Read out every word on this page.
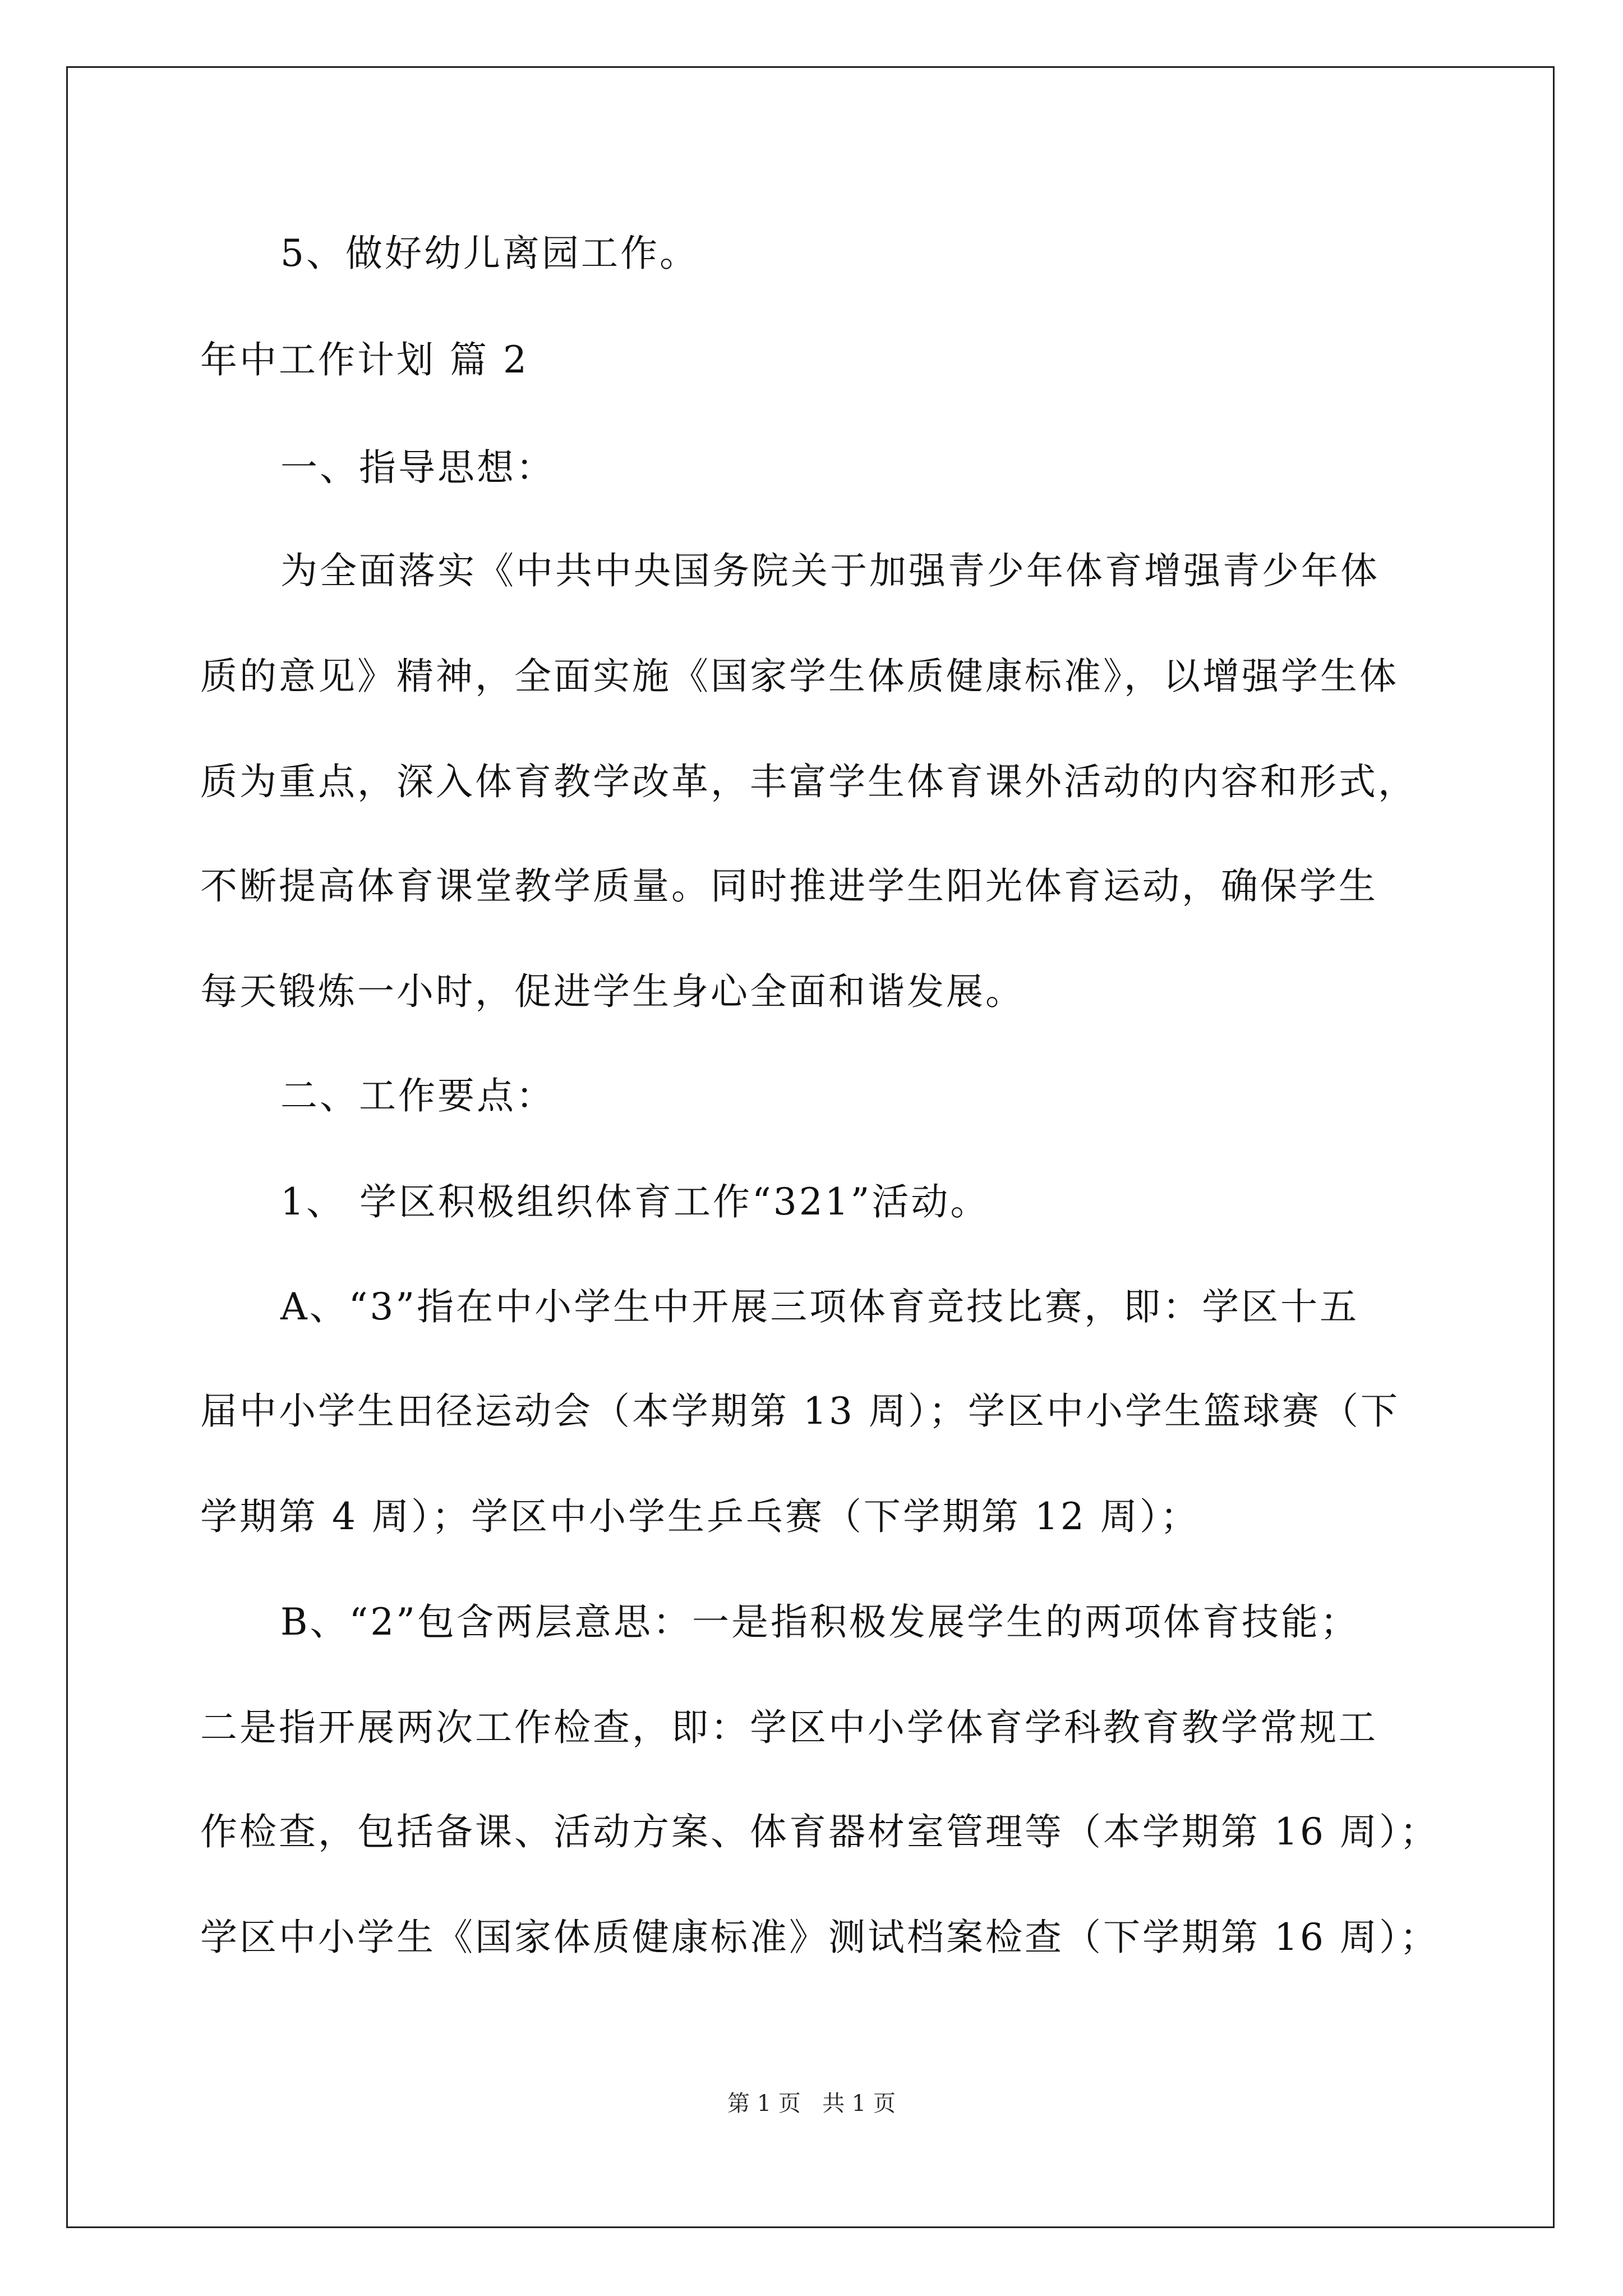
5、做好幼儿离园工作。
年中工作计划 篇 2
一、指导思想：
为全面落实《中共中央国务院关于加强青少年体育增强青少年体
质的意见》精神，全面实施《国家学生体质健康标准》，以增强学生体
质为重点，深入体育教学改革，丰富学生体育课外活动的内容和形式，
不断提高体育课堂教学质量。同时推进学生阳光体育运动，确保学生
每天锻炼一小时，促进学生身心全面和谐发展。
二、工作要点：
1、 学区积极组织体育工作“321”活动。
A、“3”指在中小学生中开展三项体育竞技比赛，即：学区十五
届中小学生田径运动会（本学期第 13 周）；学区中小学生篮球赛（下
学期第 4 周）；学区中小学生乒乓赛（下学期第 12 周）；
B、“2”包含两层意思：一是指积极发展学生的两项体育技能；
二是指开展两次工作检查，即：学区中小学体育学科教育教学常规工
作检查，包括备课、活动方案、体育器材室管理等（本学期第 16 周）；
学区中小学生《国家体质健康标准》测试档案检查（下学期第 16 周）；
第 1 页   共 1 页
